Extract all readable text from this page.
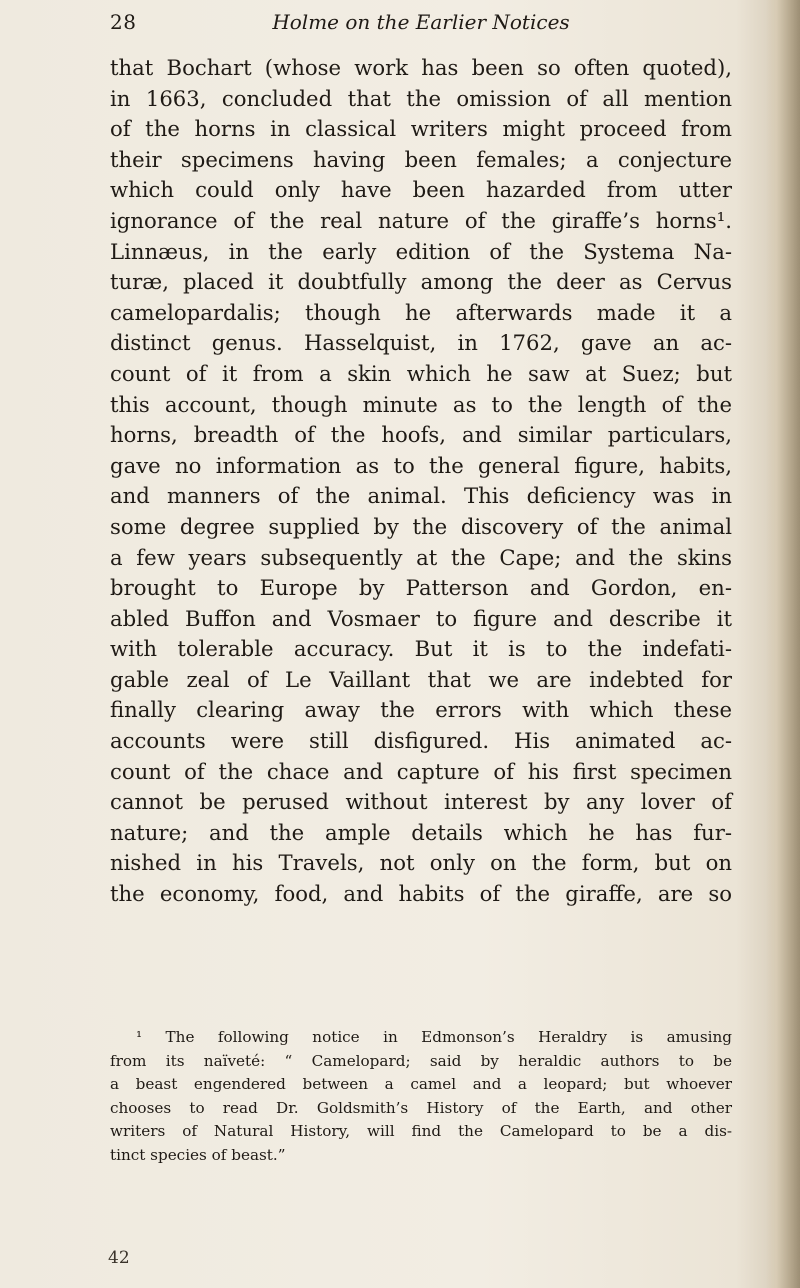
28	Holme on the Earlier Notices
that Bochart (whose work has been so often quoted),
in 1663, concluded that the omission of all mention
of the horns in classical writers might proceed from
their specimens having been females; a conjecture
which could only have been hazarded from utter
ignorance of the real nature of the giraffe’s horns¹.
Linnæus, in the early edition of the Systema Na-
turæ, placed it doubtfully among the deer as Cervus
camelopardalis; though he afterwards made it a
distinct genus. Hasselquist, in 1762, gave an ac-
count of it from a skin which he saw at Suez; but
this account, though minute as to the length of the
horns, breadth of the hoofs, and similar particulars,
gave no information as to the general figure, habits,
and manners of the animal. This deficiency was in
some degree supplied by the discovery of the animal
a few years subsequently at the Cape; and the skins
brought to Europe by Patterson and Gordon, en-
abled Buffon and Vosmaer to figure and describe it
with tolerable accuracy. But it is to the indefati-
gable zeal of Le Vaillant that we are indebted for
finally clearing away the errors with which these
accounts were still disfigured. His animated ac-
count of the chace and capture of his first specimen
cannot be perused without interest by any lover of
nature; and the ample details which he has fur-
nished in his Travels, not only on the form, but on
the economy, food, and habits of the giraffe, are so
¹ The following notice in Edmonson’s Heraldry is amusing
from its naïveté: “ Camelopard; said by heraldic authors to be
a beast engendered between a camel and a leopard; but whoever
chooses to read Dr. Goldsmith’s History of the Earth, and other
writers of Natural History, will find the Camelopard to be a dis-
tinct species of beast.”
42
